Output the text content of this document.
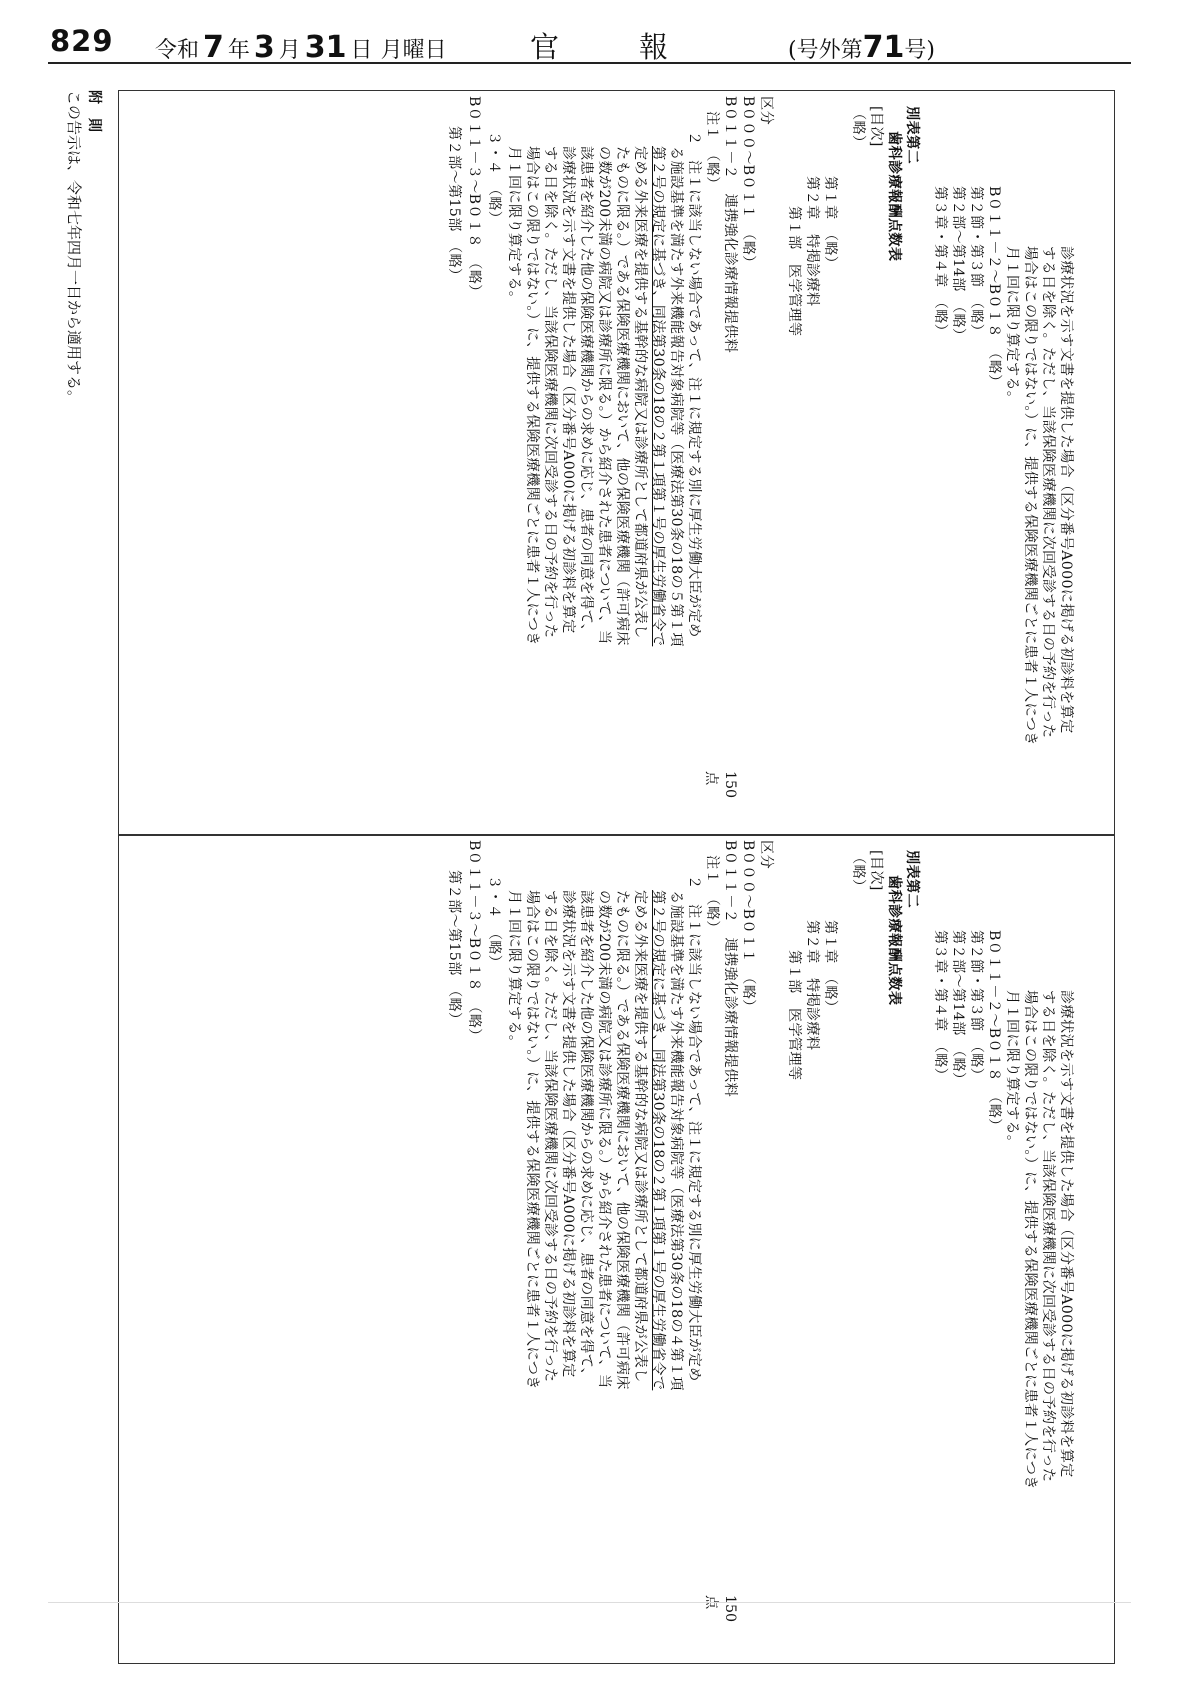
829 令和 7 年 3 月 31 日 月曜日	官報 (号外第71号)
附　則
この告示は、令和七年四月一日から適用する。	診療状況を示す文書を提供した場合（区分番号A000に掲げる初診料を算定
する日を除く。ただし、当該保険医療機関に次回受診する日の予約を行った
場合はこの限りではない。）に、提供する保険医療機関ごとに患者１人につき
月１回に限り算定する。
B０１１－２～B０１８　（略）
第２節・第３節　（略）
第２部～第14部　（略）
第３章・第４章　（略）
別表第二
歯科診療報酬点数表
[目次]
（略）
第１章　（略）
第２章　特掲診療料
第１部　医学管理等
区分
B０００～B０１１　（略）
B０１１－２　連携強化診療情報提供料
150点
注１　（略）
２　注１に該当しない場合であって、注１に規定する別に厚生労働大臣が定め
る施設基準を満たす外来機能報告対象病院等（医療法第30条の18の５第１項
第２号の規定に基づき、同法第30条の18の２第１項第１号の厚生労働省令で
定める外来医療を提供する基幹的な病院又は診療所として都道府県が公表し
たものに限る。）である保険医療機関において、他の保険医療機関（許可病床
の数が200未満の病院又は診療所に限る。）から紹介された患者について、当
該患者を紹介した他の保険医療機関からの求めに応じ、患者の同意を得て、
診療状況を示す文書を提供した場合（区分番号A000に掲げる初診料を算定
する日を除く。ただし、当該保険医療機関に次回受診する日の予約を行った
場合はこの限りではない。）に、提供する保険医療機関ごとに患者１人につき
月１回に限り算定する。
３・４　（略）
B０１１－３～B０１８　（略）
第２部～第15部　（略）
診療状況を示す文書を提供した場合（区分番号A000に掲げる初診料を算定
する日を除く。ただし、当該保険医療機関に次回受診する日の予約を行った
場合はこの限りではない。）に、提供する保険医療機関ごとに患者１人につき
月１回に限り算定する。
B０１１－２～B０１８　（略）
第２節・第３節　（略）
第２部～第14部　（略）
第３章・第４章　（略）
別表第二
歯科診療報酬点数表
[目次]
（略）
第１章　（略）
第２章　特掲診療料
第１部　医学管理等
区分
B０００～B０１１　（略）
B０１１－２　連携強化診療情報提供料
150点
注１　（略）
２　注１に該当しない場合であって、注１に規定する別に厚生労働大臣が定め
る施設基準を満たす外来機能報告対象病院等（医療法第30条の18の４第１項
第２号の規定に基づき、同法第30条の18の２第１項第１号の厚生労働省令で
定める外来医療を提供する基幹的な病院又は診療所として都道府県が公表し
たものに限る。）である保険医療機関において、他の保険医療機関（許可病床
の数が200未満の病院又は診療所に限る。）から紹介された患者について、当
該患者を紹介した他の保険医療機関からの求めに応じ、患者の同意を得て、
診療状況を示す文書を提供した場合（区分番号A000に掲げる初診料を算定
する日を除く。ただし、当該保険医療機関に次回受診する日の予約を行った
場合はこの限りではない。）に、提供する保険医療機関ごとに患者１人につき
月１回に限り算定する。
３・４　（略）
B０１１－３～B０１８　（略）
第２部～第15部　（略）
